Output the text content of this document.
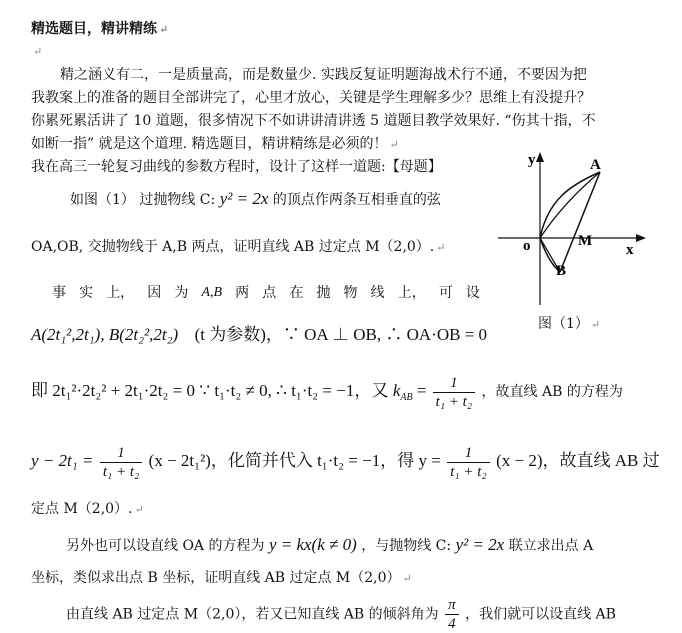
精选题目，精讲精练 ↵
↵
精之涵义有二，一是质量高，而是数量少. 实践反复证明题海战术行不通，不要因为把
我教案上的准备的题目全部讲完了，心里才放心，关键是学生理解多少？思维上有没提升？
你累死累活讲了 10 道题，很多情况下不如讲讲清讲透 5 道题目教学效果好. “伤其十指，不
如断一指” 就是这个道理. 精选题目，精讲精练是必须的！ ↵
我在高三一轮复习曲线的参数方程时，设计了这样一道题:【母题】
如图（1） 过抛物线 C: y² = 2x 的顶点作两条互相垂直的弦
OA,OB, 交抛物线于 A,B 两点，证明直线 AB 过定点 M（2,0）. ↵
事 实 上， 因 为 A,B 两 点 在 抛 物 线 上， 可 设
A(2t₁²,2t₁), B(2t₂²,2t₂) (t 为参数)，∵ OA ⊥ OB, ∴ OA·OB = 0
即 2t₁²·2t₂² + 2t₁·2t₂ = 0 ∵ t₁·t₂ ≠ 0, ∴ t₁·t₂ = −1，又 $k_{AB} = \frac{1}{\text{t₁ + t₂}}$ ，故直线 AB 的方程为
$y - 2t_1 = \frac{1}{\text{t₁ + t₂}} (x - 2t_1^2)$，化简并代入 t₁·t₂ = −1，得 $y = \frac{1}{\text{t₁ + t₂}} (x - 2)$，故直线 AB 过
定点 M（2,0）. ↵
另外也可以设直线 OA 的方程为 y = kx(k ≠ 0) ，与抛物线 C: y² = 2x 联立求出点 A
坐标，类似求出点 B 坐标，证明直线 AB 过定点 M（2,0） ↵
由直线 AB 过定点 M（2,0），若又已知直线 AB 的倾斜角为 $\frac{\pi}{4}$ ，我们就可以设直线 AB
y
x
o
A
M
B
图（1） ↵
